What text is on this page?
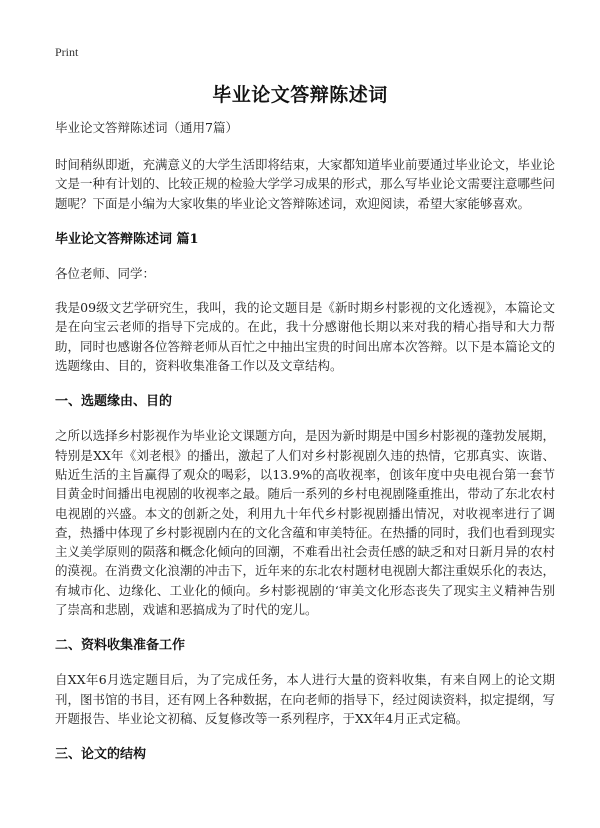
Print
毕业论文答辩陈述词
毕业论文答辩陈述词（通用7篇）

时间稍纵即逝，充满意义的大学生活即将结束，大家都知道毕业前要通过毕业论文，毕业论文是一种有计划的、比较正规的检验大学学习成果的形式，那么写毕业论文需要注意哪些问题呢？下面是小编为大家收集的毕业论文答辩陈述词，欢迎阅读，希望大家能够喜欢。

毕业论文答辩陈述词 篇1

各位老师、同学：

我是09级文艺学研究生，我叫，我的论文题目是《新时期乡村影视的文化透视》，本篇论文是在向宝云老师的指导下完成的。在此，我十分感谢他长期以来对我的精心指导和大力帮助，同时也感谢各位答辩老师从百忙之中抽出宝贵的时间出席本次答辩。以下是本篇论文的选题缘由、目的，资料收集准备工作以及文章结构。

一、选题缘由、目的

之所以选择乡村影视作为毕业论文课题方向，是因为新时期是中国乡村影视的蓬勃发展期，特别是XX年《刘老根》的播出，激起了人们对乡村影视剧久违的热情，它那真实、诙谐、贴近生活的主旨赢得了观众的喝彩，以13.9%的高收视率，创该年度中央电视台第一套节目黄金时间播出电视剧的收视率之最。随后一系列的乡村电视剧隆重推出，带动了东北农村电视剧的兴盛。本文的创新之处，利用九十年代乡村影视剧播出情况，对收视率进行了调查，热播中体现了乡村影视剧内在的文化含蕴和审美特征。在热播的同时，我们也看到现实主义美学原则的陨落和概念化倾向的回潮，不难看出社会责任感的缺乏和对日新月异的农村的漠视。在消费文化浪潮的冲击下，近年来的东北农村题材电视剧大都注重娱乐化的表达，有城市化、边缘化、工业化的倾向。乡村影视剧的‘审美文化形态丧失了现实主义精神告别了崇高和悲剧，戏谑和恶搞成为了时代的宠儿。

二、资料收集准备工作

自XX年6月选定题目后，为了完成任务，本人进行大量的资料收集，有来自网上的论文期刊，图书馆的书目，还有网上各种数据，在向老师的指导下，经过阅读资料，拟定提纲，写开题报告、毕业论文初稿、反复修改等一系列程序，于XX年4月正式定稿。

三、论文的结构
